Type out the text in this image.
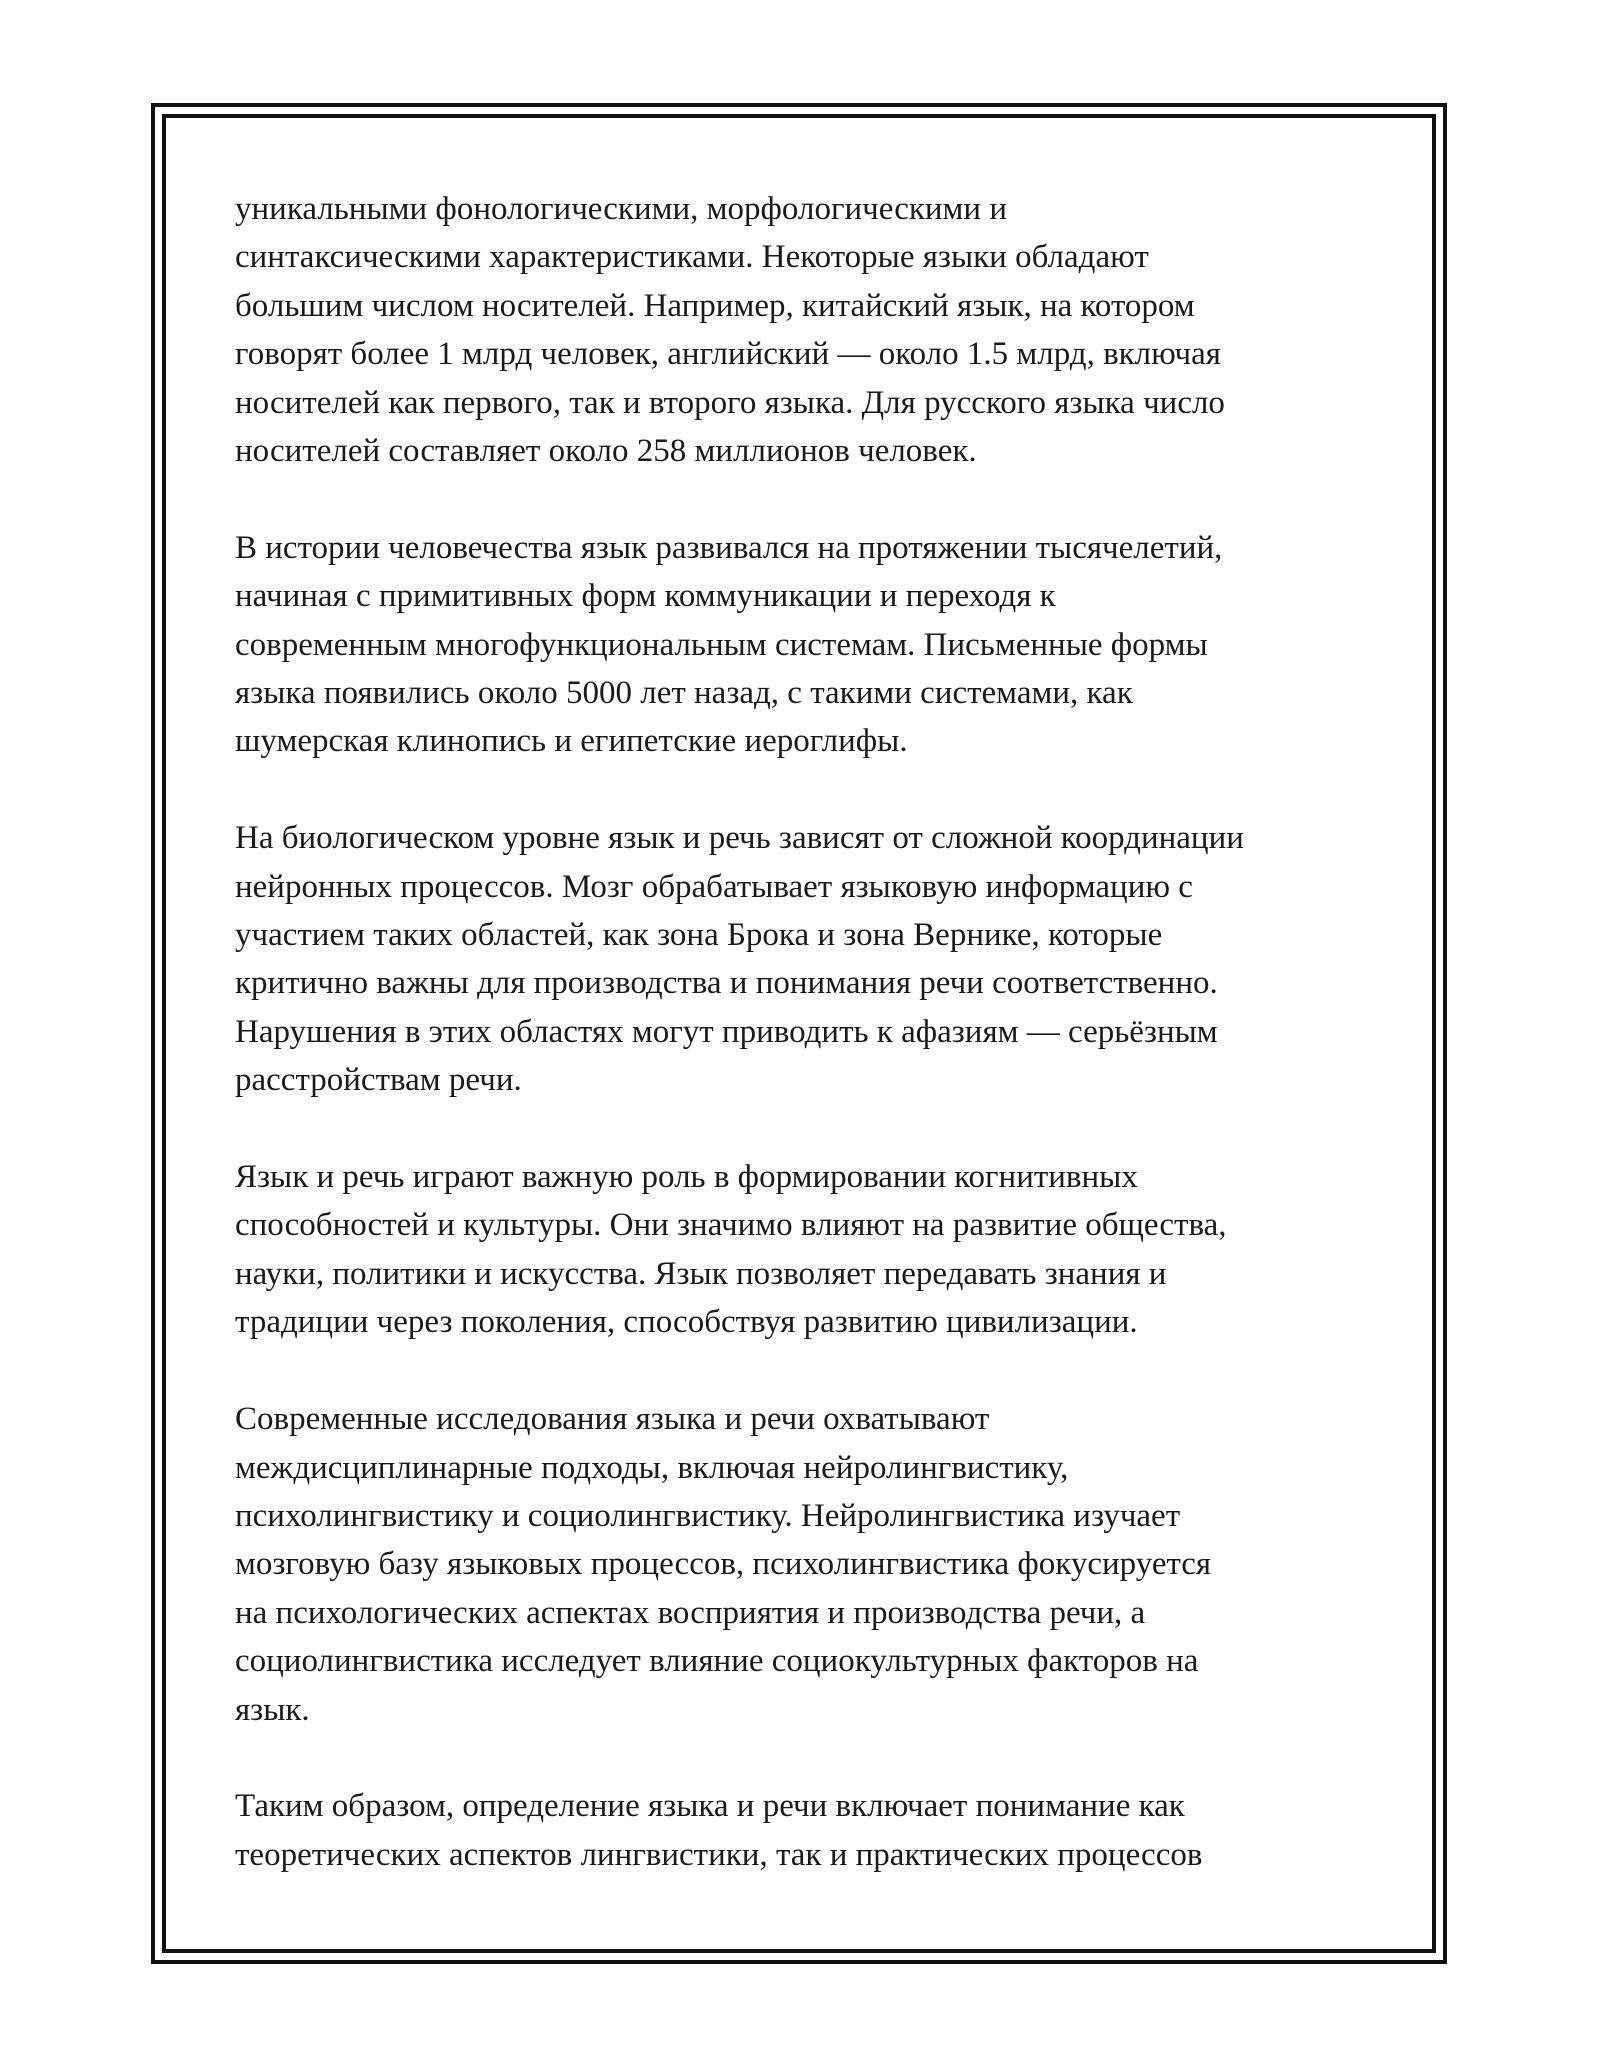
уникальными фонологическими, морфологическими и
синтаксическими характеристиками. Некоторые языки обладают
большим числом носителей. Например, китайский язык, на котором
говорят более 1 млрд человек, английский — около 1.5 млрд, включая
носителей как первого, так и второго языка. Для русского языка число
носителей составляет около 258 миллионов человек.

В истории человечества язык развивался на протяжении тысячелетий,
начиная с примитивных форм коммуникации и переходя к
современным многофункциональным системам. Письменные формы
языка появились около 5000 лет назад, с такими системами, как
шумерская клинопись и египетские иероглифы.

На биологическом уровне язык и речь зависят от сложной координации
нейронных процессов. Мозг обрабатывает языковую информацию с
участием таких областей, как зона Брока и зона Вернике, которые
критично важны для производства и понимания речи соответственно.
Нарушения в этих областях могут приводить к афазиям — серьёзным
расстройствам речи.

Язык и речь играют важную роль в формировании когнитивных
способностей и культуры. Они значимо влияют на развитие общества,
науки, политики и искусства. Язык позволяет передавать знания и
традиции через поколения, способствуя развитию цивилизации.

Современные исследования языка и речи охватывают
междисциплинарные подходы, включая нейролингвистику,
психолингвистику и социолингвистику. Нейролингвистика изучает
мозговую базу языковых процессов, психолингвистика фокусируется
на психологических аспектах восприятия и производства речи, а
социолингвистика исследует влияние социокультурных факторов на
язык.

Таким образом, определение языка и речи включает понимание как
теоретических аспектов лингвистики, так и практических процессов
